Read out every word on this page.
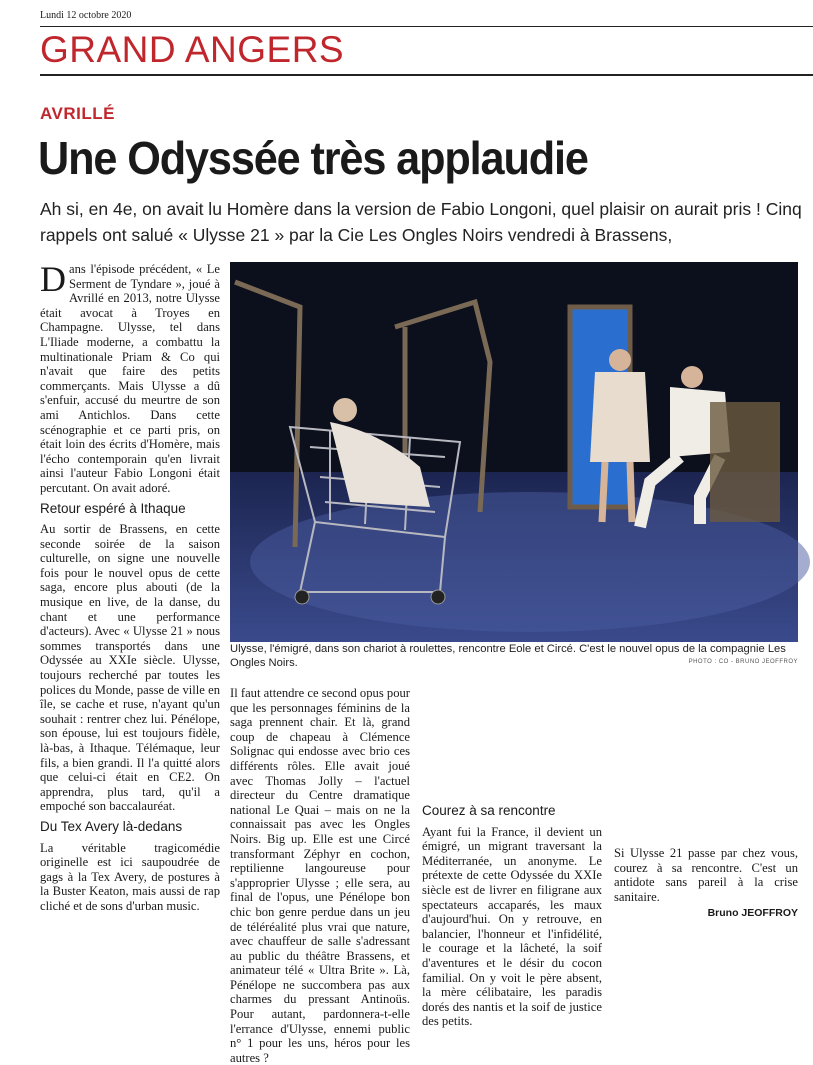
Lundi 12 octobre 2020
GRAND ANGERS
AVRILLÉ
Une Odyssée très applaudie
Ah si, en 4e, on avait lu Homère dans la version de Fabio Longoni, quel plaisir on aurait pris ! Cinq rappels ont salué « Ulysse 21 » par la Cie Les Ongles Noirs vendredi à Brassens,

Dans l'épisode précédent, « Le Serment de Tyndare », joué à Avrillé en 2013, notre Ulysse était avocat à Troyes en Champagne. Ulysse, tel dans L'Iliade moderne, a combattu la multinationale Priam & Co qui n'avait que faire des petits commerçants. Mais Ulysse a dû s'enfuir, accusé du meurtre de son ami Antichlos. Dans cette scénographie et ce parti pris, on était loin des écrits d'Homère, mais l'écho contemporain qu'en livrait ainsi l'auteur Fabio Longoni était percutant. On avait adoré.

Retour espéré à Ithaque

Au sortir de Brassens, en cette seconde soirée de la saison culturelle, on signe une nouvelle fois pour le nouvel opus de cette saga, encore plus abouti (de la musique en live, de la danse, du chant et une performance d'acteurs). Avec « Ulysse 21 » nous sommes transportés dans une Odyssée au XXIe siècle. Ulysse, toujours recherché par toutes les polices du Monde, passe de ville en île, se cache et ruse, n'ayant qu'un souhait : rentrer chez lui. Pénélope, son épouse, lui est toujours fidèle, là-bas, à Ithaque. Télémaque, leur fils, a bien grandi. Il l'a quitté alors que celui-ci était en CE2. On apprendra, plus tard, qu'il a empoché son baccalauréat.

Du Tex Avery là-dedans

La véritable tragicomédie originelle est ici saupoudrée de gags à la Tex Avery, de postures à la Buster Keaton, mais aussi de rap cliché et de sons d'urban music.

Ulysse, l'émigré, dans son chariot à roulettes, rencontre Eole et Circé. C'est le nouvel opus de la compagnie Les Ongles Noirs.	PHOTO : CO - BRUNO JEOFFROY

Il faut attendre ce second opus pour que les personnages féminins de la saga prennent chair. Et là, grand coup de chapeau à Clémence Solignac qui endosse avec brio ces différents rôles. Elle avait joué avec Thomas Jolly – l'actuel directeur du Centre dramatique national Le Quai – mais on ne la connaissait pas avec les Ongles Noirs. Big up. Elle est une Circé transformant Zéphyr en cochon, reptilienne langoureuse pour s'approprier Ulysse ; elle sera, au final de l'opus, une Pénélope bon chic bon genre perdue dans un jeu de téléréalité plus vrai que nature, avec chauffeur de salle s'adressant au public du théâtre Brassens, et animateur télé « Ultra Brite ». Là, Pénélope ne succombera pas aux charmes du pressant Antinoüs. Pour autant, pardonnera-t-elle l'errance d'Ulysse, ennemi public n° 1 pour les uns, héros pour les autres ?

Courez à sa rencontre

Ayant fui la France, il devient un émigré, un migrant traversant la Méditerranée, un anonyme. Le prétexte de cette Odyssée du XXIe siècle est de livrer en filigrane aux spectateurs accaparés, les maux d'aujourd'hui. On y retrouve, en balancier, l'honneur et l'infidélité, le courage et la lâcheté, la soif d'aventures et le désir du cocon familial. On y voit le père absent, la mère célibataire, les paradis dorés des nantis et la soif de justice des petits.

Si Ulysse 21 passe par chez vous, courez à sa rencontre. C'est un antidote sans pareil à la crise sanitaire.

Bruno JEOFFROY
